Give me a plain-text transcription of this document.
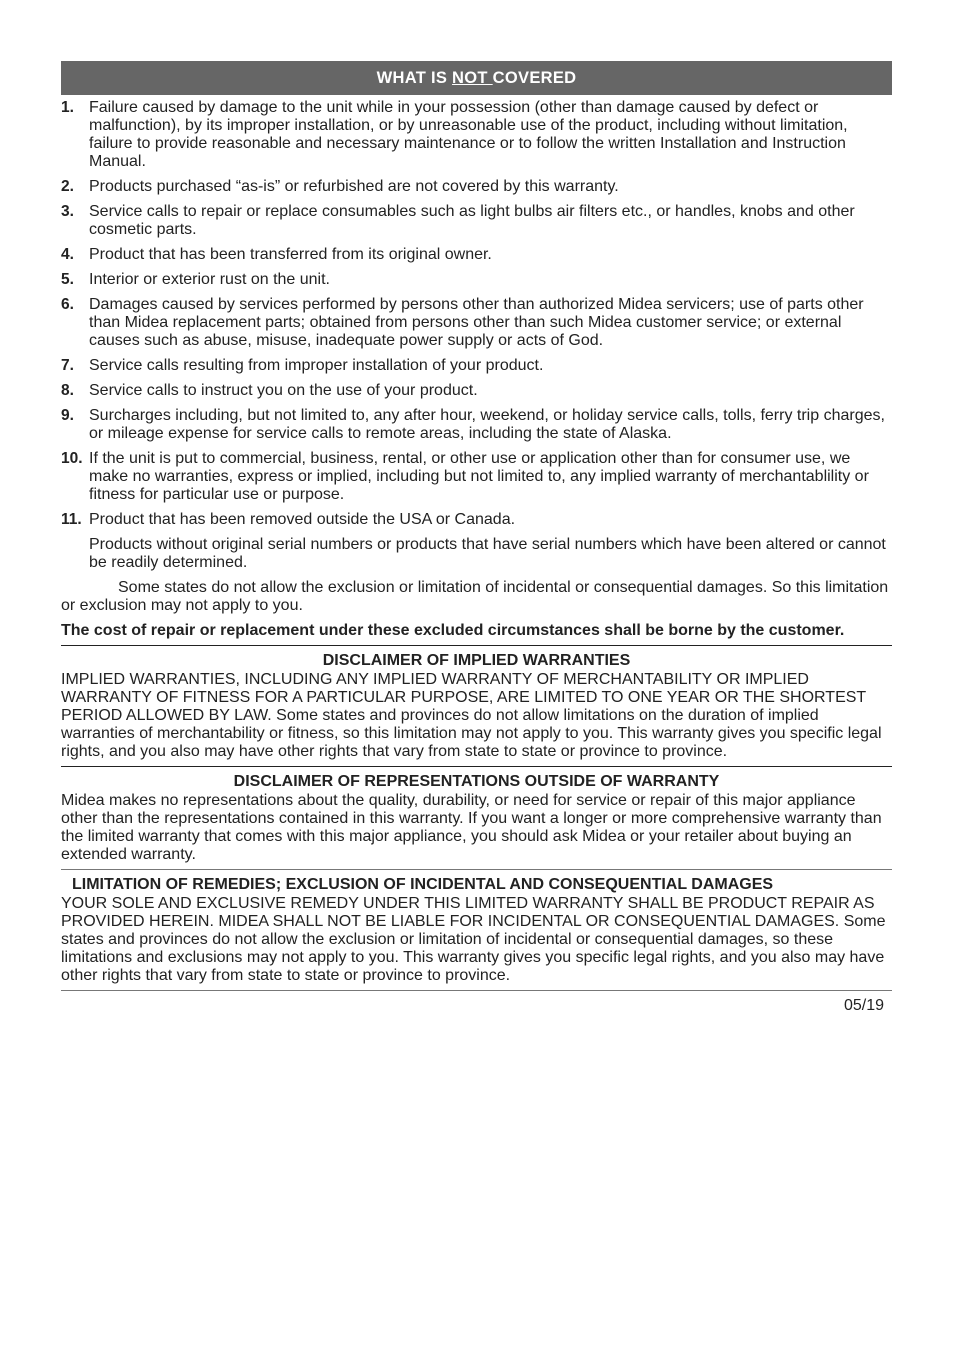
WHAT IS NOT COVERED
1. Failure caused by damage to the unit while in your possession (other than damage caused by defect or malfunction), by its improper installation, or by unreasonable use of the product, including without limitation, failure to provide reasonable and necessary maintenance or to follow the written Installation and Instruction Manual.
2. Products purchased “as-is” or refurbished are not covered by this warranty.
3. Service calls to repair or replace consumables such as light bulbs air filters etc., or handles, knobs and other cosmetic parts.
4. Product that has been transferred from its original owner.
5. Interior or exterior rust on the unit.
6. Damages caused by services performed by persons other than authorized Midea servicers; use of parts other than Midea replacement parts; obtained from persons other than such Midea customer service; or external causes such as abuse, misuse, inadequate power supply or acts of God.
7. Service calls resulting from improper installation of your product.
8. Service calls to instruct you on the use of your product.
9. Surcharges including, but not limited to, any after hour, weekend, or holiday service calls, tolls, ferry trip charges, or mileage expense for service calls to remote areas, including the state of Alaska.
10. If the unit is put to commercial, business, rental, or other use or application other than for consumer use, we make no warranties, express or implied, including but not limited to, any implied warranty of merchantablility or fitness for particular use or purpose.
11. Product that has been removed outside the USA or Canada.
Products without original serial numbers or products that have serial numbers which have been altered or cannot be readily determined.
Some states do not allow the exclusion or limitation of incidental or consequential damages. So this limitation or exclusion may not apply to you.

The cost of repair or replacement under these excluded circumstances shall be borne by the customer.

DISCLAIMER OF IMPLIED WARRANTIES
IMPLIED WARRANTIES, INCLUDING ANY IMPLIED WARRANTY OF MERCHANTABILITY OR IMPLIED WARRANTY OF FITNESS FOR A PARTICULAR PURPOSE, ARE LIMITED TO ONE YEAR OR THE SHORTEST PERIOD ALLOWED BY LAW. Some states and provinces do not allow limitations on the duration of implied warranties of merchantability or fitness, so this limitation may not apply to you. This warranty gives you specific legal rights, and you also may have other rights that vary from state to state or province to province.
DISCLAIMER OF REPRESENTATIONS OUTSIDE OF WARRANTY
Midea makes no representations about the quality, durability, or need for service or repair of this major appliance other than the representations contained in this warranty. If you want a longer or more comprehensive warranty than the limited warranty that comes with this major appliance, you should ask Midea or your retailer about buying an extended warranty.
LIMITATION OF REMEDIES; EXCLUSION OF INCIDENTAL AND CONSEQUENTIAL DAMAGES
YOUR SOLE AND EXCLUSIVE REMEDY UNDER THIS LIMITED WARRANTY SHALL BE PRODUCT REPAIR AS PROVIDED HEREIN. MIDEA SHALL NOT BE LIABLE FOR INCIDENTAL OR CONSEQUENTIAL DAMAGES. Some states and provinces do not allow the exclusion or limitation of incidental or consequential damages, so these limitations and exclusions may not apply to you. This warranty gives you specific legal rights, and you also may have other rights that vary from state to state or province to province.
05/19
